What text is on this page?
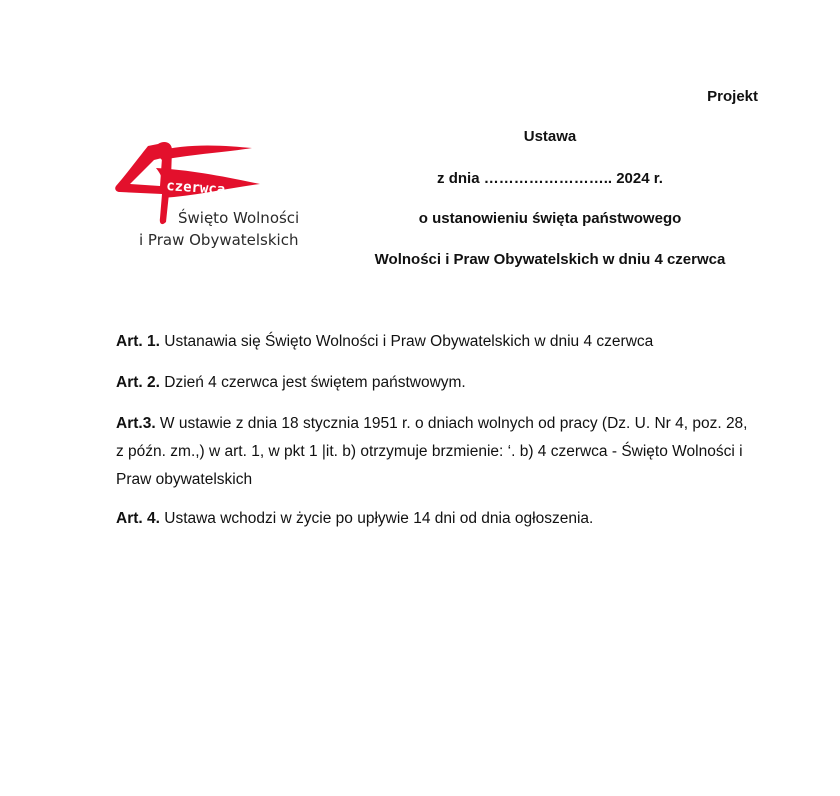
Projekt
czerwca
Święto Wolności
i Praw Obywatelskich
Ustawa
z dnia …………………….. 2024 r.
o ustanowieniu święta państwowego
Wolności i Praw Obywatelskich w dniu 4 czerwca

Art. 1. Ustanawia się Święto Wolności i Praw Obywatelskich w dniu 4 czerwca

Art. 2. Dzień 4 czerwca jest świętem państwowym.

Art.3. W ustawie z dnia 18 stycznia 1951 r. o dniach wolnych od pracy (Dz. U. Nr 4, poz. 28, z późn. zm.,) w art. 1, w pkt 1 |it. b) otrzymuje brzmienie: ‘. b) 4 czerwca - Święto Wolności i Praw obywatelskich

Art. 4. Ustawa wchodzi w życie po upływie 14 dni od dnia ogłoszenia.
